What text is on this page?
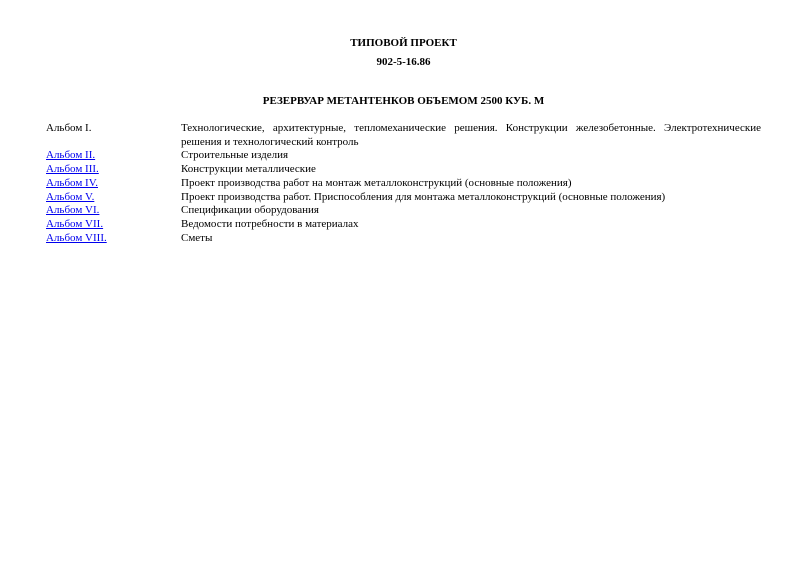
ТИПОВОЙ ПРОЕКТ
902-5-16.86
РЕЗЕРВУАР МЕТАНТЕНКОВ ОБЪЕМОМ 2500 КУБ. М
Альбом I.	Технологические, архитектурные, тепломеханические решения. Конструкции железобетонные. Электротехнические решения и технологический контроль
Альбом II.	Строительные изделия
Альбом III.	Конструкции металлические
Альбом IV.	Проект производства работ на монтаж металлоконструкций (основные положения)
Альбом V.	Проект производства работ. Приспособления для монтажа металлоконструкций (основные положения)
Альбом VI.	Спецификации оборудования
Альбом VII.	Ведомости потребности в материалах
Альбом VIII.	Сметы
